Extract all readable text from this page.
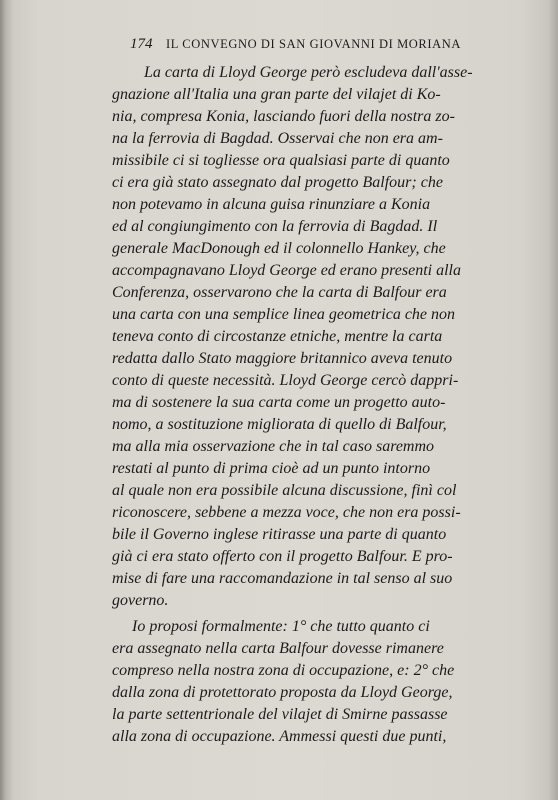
174 IL CONVEGNO DI SAN GIOVANNI DI MORIANA
La carta di Lloyd George però escludeva dall'asse-
gnazione all'Italia una gran parte del vilajet di Ko-
nia, compresa Konia, lasciando fuori della nostra zo-
na la ferrovia di Bagdad. Osservai che non era am-
missibile ci si togliesse ora qualsiasi parte di quanto
ci era già stato assegnato dal progetto Balfour; che
non potevamo in alcuna guisa rinunziare a Konia
ed al congiungimento con la ferrovia di Bagdad. Il
generale MacDonough ed il colonnello Hankey, che
accompagnavano Lloyd George ed erano presenti alla
Conferenza, osservarono che la carta di Balfour era
una carta con una semplice linea geometrica che non
teneva conto di circostanze etniche, mentre la carta
redatta dallo Stato maggiore britannico aveva tenuto
conto di queste necessità. Lloyd George cercò dappri-
ma di sostenere la sua carta come un progetto auto-
nomo, a sostituzione migliorata di quello di Balfour,
ma alla mia osservazione che in tal caso saremmo
restati al punto di prima cioè ad un punto intorno
al quale non era possibile alcuna discussione, finì col
riconoscere, sebbene a mezza voce, che non era possi-
bile il Governo inglese ritirasse una parte di quanto
già ci era stato offerto con il progetto Balfour. E pro-
mise di fare una raccomandazione in tal senso al suo
governo.
Io proposi formalmente: 1° che tutto quanto ci
era assegnato nella carta Balfour dovesse rimanere
compreso nella nostra zona di occupazione, e: 2° che
dalla zona di protettorato proposta da Lloyd George,
la parte settentrionale del vilajet di Smirne passasse
alla zona di occupazione. Ammessi questi due punti,
